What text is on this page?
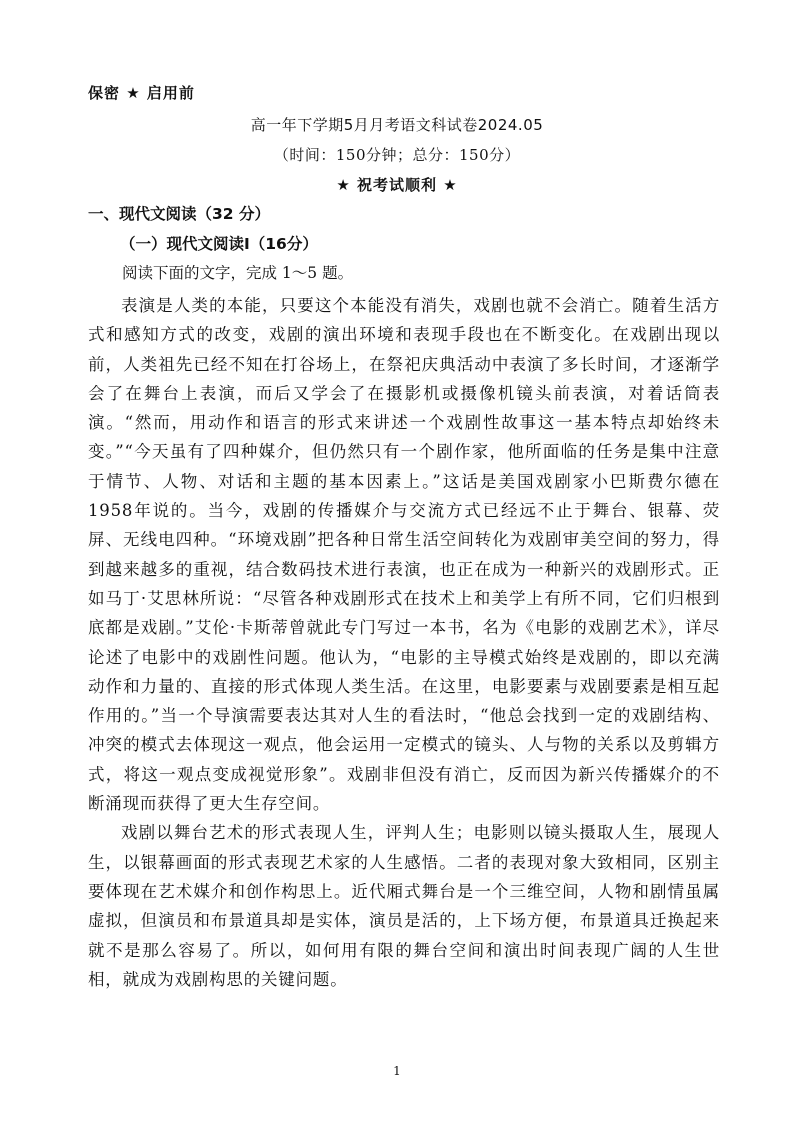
保密 ★ 启用前
高一年下学期5月月考语文科试卷2024.05
（时间：150分钟；总分：150分）
★ 祝考试顺利 ★
一、现代文阅读（32 分）
（一）现代文阅读Ⅰ（16分）
阅读下面的文字，完成 1～5 题。

表演是人类的本能，只要这个本能没有消失，戏剧也就不会消亡。随着生活方式和感知方式的改变，戏剧的演出环境和表现手段也在不断变化。在戏剧出现以前，人类祖先已经不知在打谷场上，在祭祀庆典活动中表演了多长时间，才逐渐学会了在舞台上表演，而后又学会了在摄影机或摄像机镜头前表演，对着话筒表演。“然而，用动作和语言的形式来讲述一个戏剧性故事这一基本特点却始终未变。”“今天虽有了四种媒介，但仍然只有一个剧作家，他所面临的任务是集中注意于情节、人物、对话和主题的基本因素上。”这话是美国戏剧家小巴斯费尔德在1958年说的。当今，戏剧的传播媒介与交流方式已经远不止于舞台、银幕、荧屏、无线电四种。“环境戏剧”把各种日常生活空间转化为戏剧审美空间的努力，得到越来越多的重视，结合数码技术进行表演，也正在成为一种新兴的戏剧形式。正如马丁·艾思林所说：“尽管各种戏剧形式在技术上和美学上有所不同，它们归根到底都是戏剧。”艾伦·卡斯蒂曾就此专门写过一本书，名为《电影的戏剧艺术》，详尽论述了电影中的戏剧性问题。他认为，“电影的主导模式始终是戏剧的，即以充满动作和力量的、直接的形式体现人类生活。在这里，电影要素与戏剧要素是相互起作用的。”当一个导演需要表达其对人生的看法时，“他总会找到一定的戏剧结构、冲突的模式去体现这一观点，他会运用一定模式的镜头、人与物的关系以及剪辑方式，将这一观点变成视觉形象”。戏剧非但没有消亡，反而因为新兴传播媒介的不断涌现而获得了更大生存空间。

戏剧以舞台艺术的形式表现人生，评判人生；电影则以镜头摄取人生，展现人生，以银幕画面的形式表现艺术家的人生感悟。二者的表现对象大致相同，区别主要体现在艺术媒介和创作构思上。近代厢式舞台是一个三维空间，人物和剧情虽属虚拟，但演员和布景道具却是实体，演员是活的，上下场方便，布景道具迁换起来就不是那么容易了。所以，如何用有限的舞台空间和演出时间表现广阔的人生世相，就成为戏剧构思的关键问题。

1
